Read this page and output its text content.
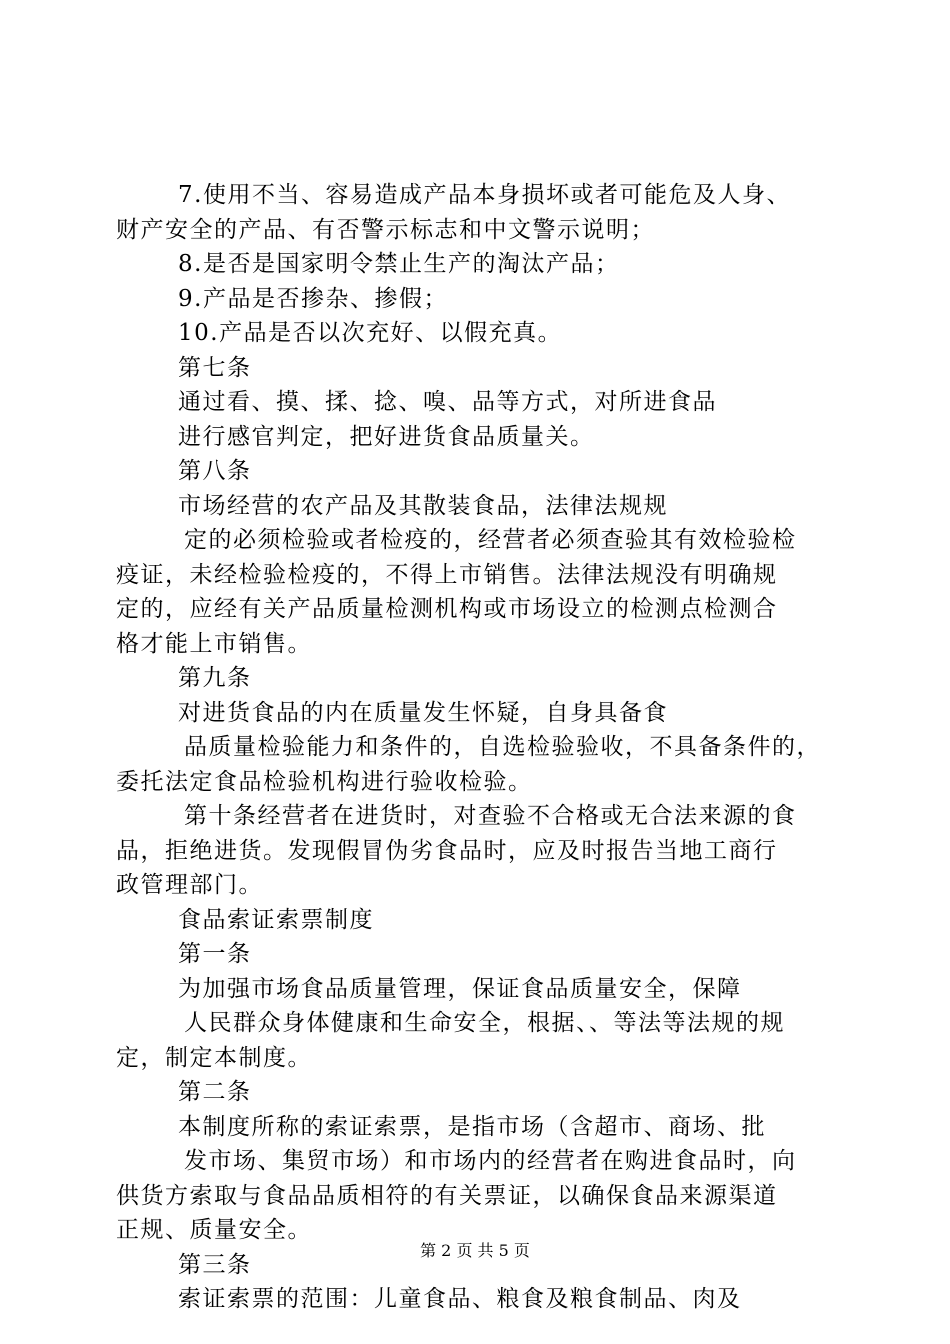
7.使用不当、容易造成产品本身损坏或者可能危及人身、
财产安全的产品、有否警示标志和中文警示说明；
8.是否是国家明令禁止生产的淘汰产品；
9.产品是否掺杂、掺假；
10.产品是否以次充好、以假充真。
第七条
通过看、摸、揉、捻、嗅、品等方式，对所进食品
进行感官判定，把好进货食品质量关。
第八条
市场经营的农产品及其散装食品，法律法规规
定的必须检验或者检疫的，经营者必须查验其有效检验检
疫证，未经检验检疫的，不得上市销售。法律法规没有明确规
定的，应经有关产品质量检测机构或市场设立的检测点检测合
格才能上市销售。
第九条
对进货食品的内在质量发生怀疑，自身具备食
品质量检验能力和条件的，自选检验验收，不具备条件的，
委托法定食品检验机构进行验收检验。
第十条经营者在进货时，对查验不合格或无合法来源的食
品，拒绝进货。发现假冒伪劣食品时，应及时报告当地工商行
政管理部门。
食品索证索票制度
第一条
为加强市场食品质量管理，保证食品质量安全，保障
人民群众身体健康和生命安全，根据、、等法等法规的规
定，制定本制度。
第二条
本制度所称的索证索票，是指市场（含超市、商场、批
发市场、集贸市场）和市场内的经营者在购进食品时，向
供货方索取与食品品质相符的有关票证，以确保食品来源渠道
正规、质量安全。
第三条
索证索票的范围：儿童食品、粮食及粮食制品、肉及
第 2 页 共 5 页
